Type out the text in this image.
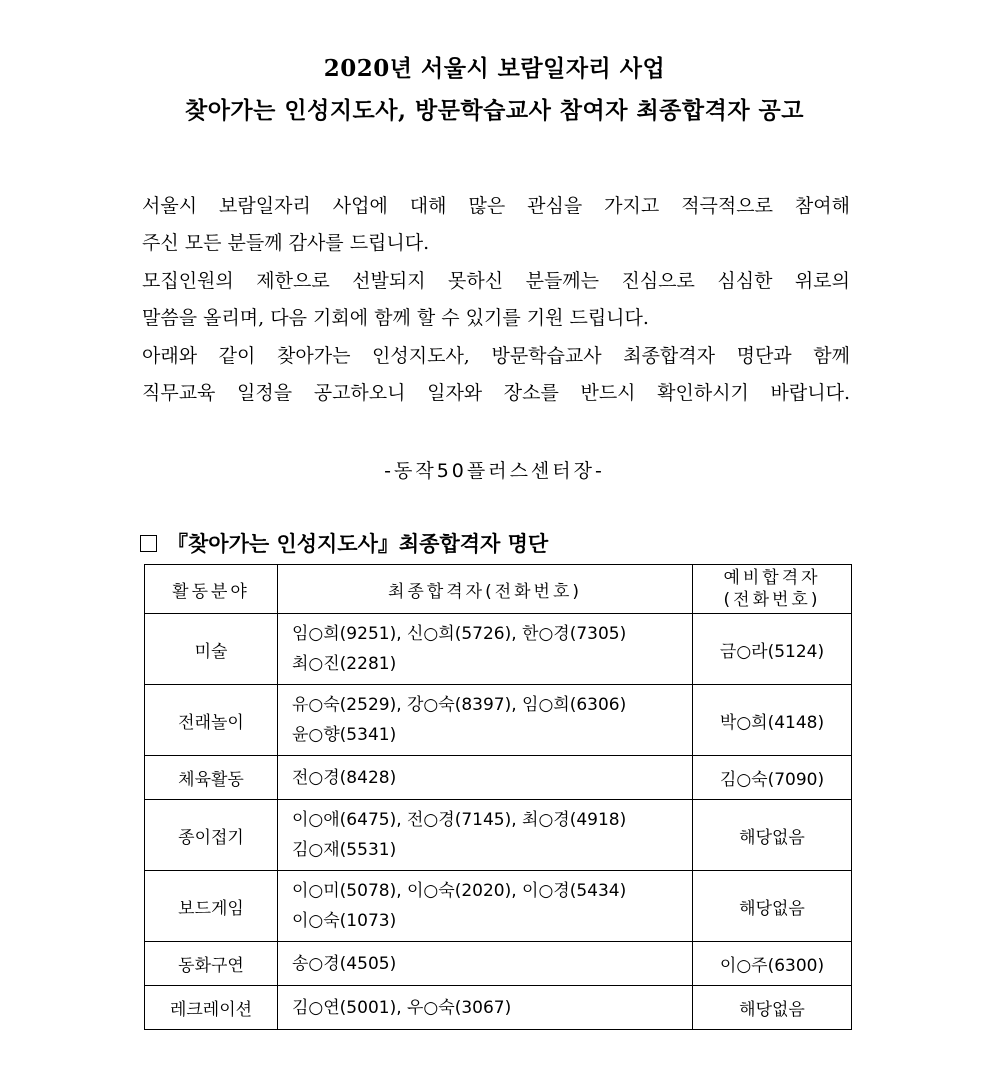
2020년 서울시 보람일자리 사업
찾아가는 인성지도사, 방문학습교사 참여자 최종합격자 공고
서울시 보람일자리 사업에 대해 많은 관심을 가지고 적극적으로 참여해
주신 모든 분들께 감사를 드립니다.
모집인원의 제한으로 선발되지 못하신 분들께는 진심으로 심심한 위로의
말씀을 올리며, 다음 기회에 함께 할 수 있기를 기원 드립니다.
아래와 같이 찾아가는 인성지도사, 방문학습교사 최종합격자 명단과 함께
직무교육 일정을 공고하오니 일자와 장소를 반드시 확인하시기 바랍니다.
-동작50플러스센터장-
『찾아가는 인성지도사』최종합격자 명단
활동분야	최종합격자(전화번호)	예비합격자
(전화번호)

미술	임○희(9251), 신○희(5726), 한○경(7305)
최○진(2281)	금○라(5124)
전래놀이	유○숙(2529), 강○숙(8397), 임○희(6306)
윤○향(5341)	박○희(4148)
체육활동	전○경(8428)	김○숙(7090)
종이접기	이○애(6475), 전○경(7145), 최○경(4918)
김○재(5531)	해당없음
보드게임	이○미(5078), 이○숙(2020), 이○경(5434)
이○숙(1073)	해당없음
동화구연	송○경(4505)	이○주(6300)
레크레이션	김○연(5001), 우○숙(3067)	해당없음
